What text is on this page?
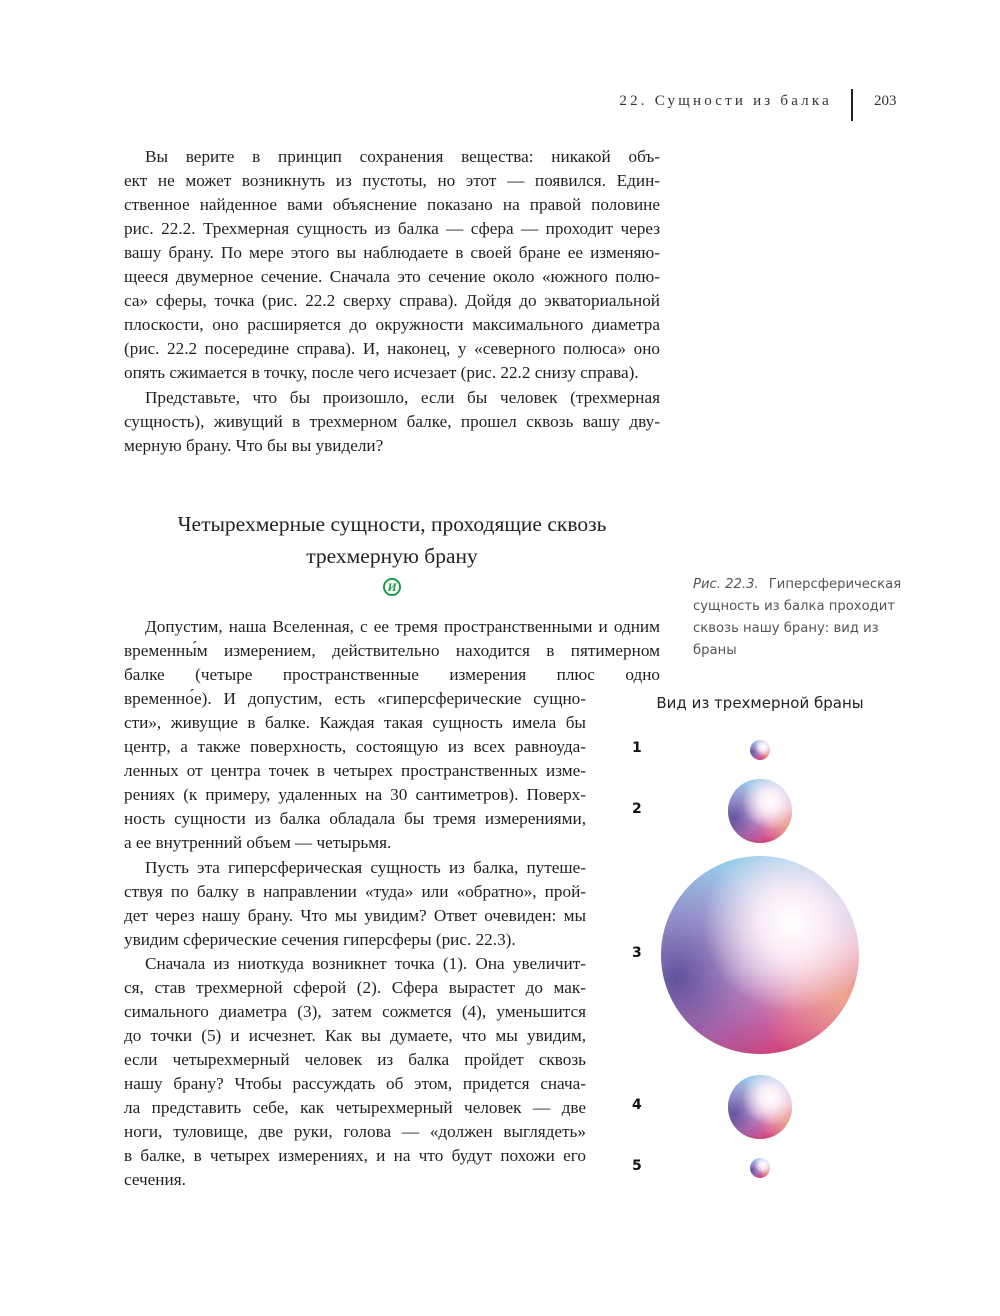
22. Сущности из балка	203
Вы верите в принцип сохранения вещества: никакой объ-
ект не может возникнуть из пустоты, но этот — появился. Един-
ственное найденное вами объяснение показано на правой половине
рис. 22.2. Трехмерная сущность из балка — сфера — проходит через
вашу брану. По мере этого вы наблюдаете в своей бране ее изменяю-
щееся двумерное сечение. Сначала это сечение около «южного полю-
са» сферы, точка (рис. 22.2 сверху справа). Дойдя до экваториальной
плоскости, оно расширяется до окружности максимального диаметра
(рис. 22.2 посередине справа). И, наконец, у «северного полюса» оно
опять сжимается в точку, после чего исчезает (рис. 22.2 снизу справа).
Представьте, что бы произошло, если бы человек (трехмерная
сущность), живущий в трехмерном балке, прошел сквозь вашу дву-
мерную брану. Что бы вы увидели?
Четырехмерные сущности, проходящие сквозь
трехмерную брану
И
Допустим, наша Вселенная, с ее тремя пространственными и одним
временны́м измерением, действительно находится в пятимерном
балке (четыре пространственные измерения плюс одно
временно́е). И допустим, есть «гиперсферические сущно-
сти», живущие в балке. Каждая такая сущность имела бы
центр, а также поверхность, состоящую из всех равноуда-
ленных от центра точек в четырех пространственных изме-
рениях (к примеру, удаленных на 30 сантиметров). Поверх-
ность сущности из балка обладала бы тремя измерениями,
а ее внутренний объем — четырьмя.
Пусть эта гиперсферическая сущность из балка, путеше-
ствуя по балку в направлении «туда» или «обратно», прой-
дет через нашу брану. Что мы увидим? Ответ очевиден: мы
увидим сферические сечения гиперсферы (рис. 22.3).
Сначала из ниоткуда возникнет точка (1). Она увеличит-
ся, став трехмерной сферой (2). Сфера вырастет до мак-
симального диаметра (3), затем сожмется (4), уменьшится
до точки (5) и исчезнет. Как вы думаете, что мы увидим,
если четырехмерный человек из балка пройдет сквозь
нашу брану? Чтобы рассуждать об этом, придется снача-
ла представить себе, как четырехмерный человек — две
ноги, туловище, две руки, голова — «должен выглядеть»
в балке, в четырех измерениях, и на что будут похожи его
сечения.
Рис. 22.3. Гиперсферическая сущность из балка проходит сквозь нашу брану: вид из браны
Вид из трехмерной браны
1
2
3
4
5
